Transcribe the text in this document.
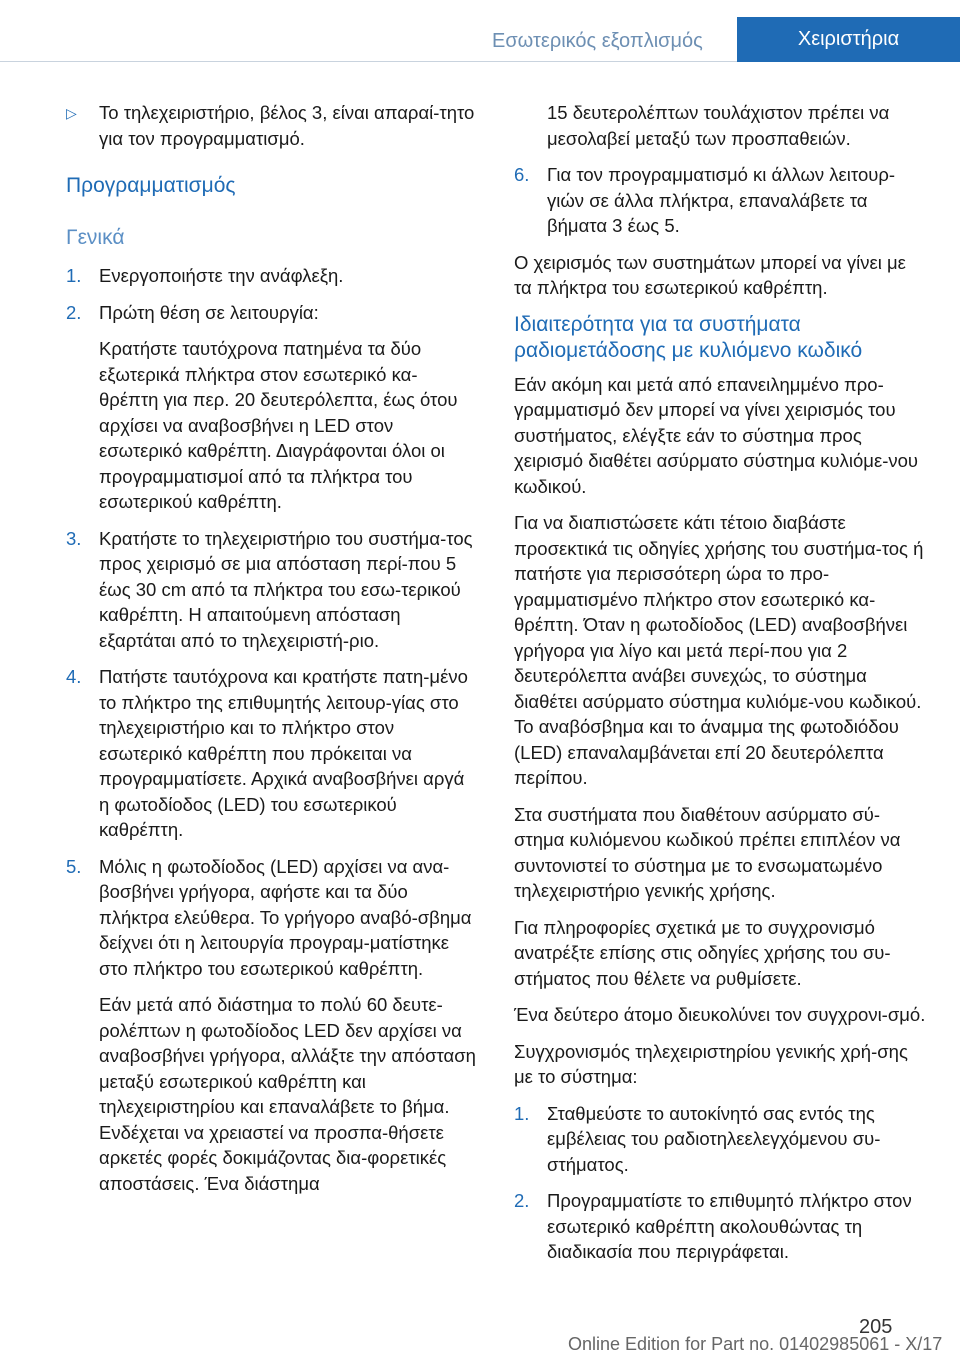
Εσωτερικός εξοπλισμός	Χειριστήρια
▷	Το τηλεχειριστήριο, βέλος 3, είναι απαραί‐τητο για τον προγραμματισμό.
Προγραμματισμός
Γενικά
1. Ενεργοποιήστε την ανάφλεξη.

2. Πρώτη θέση σε λειτουργία:

Κρατήστε ταυτόχρονα πατημένα τα δύο εξωτερικά πλήκτρα στον εσωτερικό κα‐θρέπτη για περ. 20 δευτερόλεπτα, έως ότου αρχίσει να αναβοσβήνει η LED στον εσωτερικό καθρέπτη. Διαγράφονται όλοι οι προγραμματισμοί από τα πλήκτρα του εσωτερικού καθρέπτη.

3. Κρατήστε το τηλεχειριστήριο του συστήμα‐τος προς χειρισμό σε μια απόσταση περί‐που 5 έως 30 cm από τα πλήκτρα του εσω‐τερικού καθρέπτη. Η απαιτούμενη απόσταση εξαρτάται από το τηλεχειριστή‐ριο.

4. Πατήστε ταυτόχρονα και κρατήστε πατη‐μένο το πλήκτρο της επιθυμητής λειτουρ‐γίας στο τηλεχειριστήριο και το πλήκτρο στον εσωτερικό καθρέπτη που πρόκειται να προγραμματίσετε. Αρχικά αναβοσβήνει αργά η φωτοδίοδος (LED) του εσωτερικού καθρέπτη.

5. Μόλις η φωτοδίοδος (LED) αρχίσει να ανα‐βοσβήνει γρήγορα, αφήστε και τα δύο πλήκτρα ελεύθερα. Το γρήγορο αναβό‐σβημα δείχνει ότι η λειτουργία προγραμ‐ματίστηκε στο πλήκτρο του εσωτερικού καθρέπτη.

Εάν μετά από διάστημα το πολύ 60 δευτε‐ρολέπτων η φωτοδίοδος LED δεν αρχίσει να αναβοσβήνει γρήγορα, αλλάξτε την απόσταση μεταξύ εσωτερικού καθρέπτη και τηλεχειριστηρίου και επαναλάβετε το βήμα. Ενδέχεται να χρειαστεί να προσπα‐θήσετε αρκετές φορές δοκιμάζοντας δια‐φορετικές αποστάσεις. Ένα διάστημα

15 δευτερολέπτων τουλάχιστον πρέπει να μεσολαβεί μεταξύ των προσπαθειών.

6. Για τον προγραμματισμό κι άλλων λειτουρ‐γιών σε άλλα πλήκτρα, επαναλάβετε τα βήματα 3 έως 5.

Ο χειρισμός των συστημάτων μπορεί να γίνει με τα πλήκτρα του εσωτερικού καθρέπτη.

Ιδιαιτερότητα για τα συστήματα ραδιομετάδοσης με κυλιόμενο κωδικό

Εάν ακόμη και μετά από επανειλημμένο προ‐γραμματισμό δεν μπορεί να γίνει χειρισμός του συστήματος, ελέγξτε εάν το σύστημα προς χειρισμό διαθέτει ασύρματο σύστημα κυλιόμε‐νου κωδικού.

Για να διαπιστώσετε κάτι τέτοιο διαβάστε προσεκτικά τις οδηγίες χρήσης του συστήμα‐τος ή πατήστε για περισσότερη ώρα το προ‐γραμματισμένο πλήκτρο στον εσωτερικό κα‐θρέπτη. Όταν η φωτοδίοδος (LED) αναβοσβήνει γρήγορα για λίγο και μετά περί‐που για 2 δευτερόλεπτα ανάβει συνεχώς, το σύστημα διαθέτει ασύρματο σύστημα κυλιόμε‐νου κωδικού. Το αναβόσβημα και το άναμμα της φωτοδιόδου (LED) επαναλαμβάνεται επί 20 δευτερόλεπτα περίπου.

Στα συστήματα που διαθέτουν ασύρματο σύ‐στημα κυλιόμενου κωδικού πρέπει επιπλέον να συντονιστεί το σύστημα με το ενσωματωμένο τηλεχειριστήριο γενικής χρήσης.

Για πληροφορίες σχετικά με το συγχρονισμό ανατρέξτε επίσης στις οδηγίες χρήσης του συ‐στήματος που θέλετε να ρυθμίσετε.

Ένα δεύτερο άτομο διευκολύνει τον συγχρονι‐σμό.

Συγχρονισμός τηλεχειριστηρίου γενικής χρή‐σης με το σύστημα:

1. Σταθμεύστε το αυτοκίνητό σας εντός της εμβέλειας του ραδιοτηλεελεγχόμενου συ‐στήματος.

2. Προγραμματίστε το επιθυμητό πλήκτρο στον εσωτερικό καθρέπτη ακολουθώντας τη διαδικασία που περιγράφεται.

205
Online Edition for Part no. 01402985061 - X/17
